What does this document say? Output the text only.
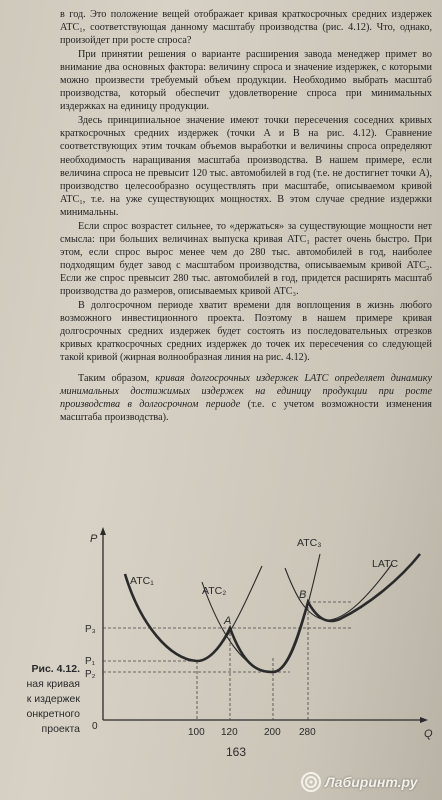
в год. Это положение вещей отображает кривая краткосрочных средних издержек ATC₁, соответствующая данному масштабу производства (рис. 4.12). Что, однако, произойдет при росте спроса?

При принятии решения о варианте расширения завода менеджер примет во внимание два основных фактора: величину спроса и значение издержек, с которыми можно произвести требуемый объем продукции. Необходимо выбрать масштаб производства, который обеспечит удовлетворение спроса при минимальных издержках на единицу продукции.

Здесь принципиальное значение имеют точки пересечения соседних кривых краткосрочных средних издержек (точки A и B на рис. 4.12). Сравнение соответствующих этим точкам объемов выработки и величины спроса определяют необходимость наращивания масштаба производства. В нашем примере, если величина спроса не превысит 120 тыс. автомобилей в год (т.е. не достигнет точки A), производство целесообразно осуществлять при масштабе, описываемом кривой ATC₁, т.е. на уже существующих мощностях. В этом случае средние издержки минимальны.

Если спрос возрастет сильнее, то «держаться» за существующие мощности нет смысла: при больших величинах выпуска кривая ATC₁ растет очень быстро. При этом, если спрос вырос менее чем до 280 тыс. автомобилей в год, наиболее подходящим будет завод с масштабом производства, описываемым кривой ATC₂. Если же спрос превысит 280 тыс. автомобилей в год, придется расширять масштаб производства до размеров, описываемых кривой ATC₃.

В долгосрочном периоде хватит времени для воплощения в жизнь любого возможного инвестиционного проекта. Поэтому в нашем примере кривая долгосрочных средних издержек будет состоять из последовательных отрезков кривых краткосрочных средних издержек до точек их пересечения со следующей такой кривой (жирная волнообразная линия на рис. 4.12).

Таким образом, кривая долгосрочных издержек LATC определяет динамику минимальных достижимых издержек на единицу продукции при росте производства в долгосрочном периоде (т.е. с учетом возможности изменения масштаба производства).

P
Q
ATC₁
ATC₂
ATC₃
LATC
A
B
P₃
P₁
P₂
0
100 120	200 280
Рис. 4.12.
ная кривая
к издержек
онкретного
проекта
163
Лабиринт.ру
